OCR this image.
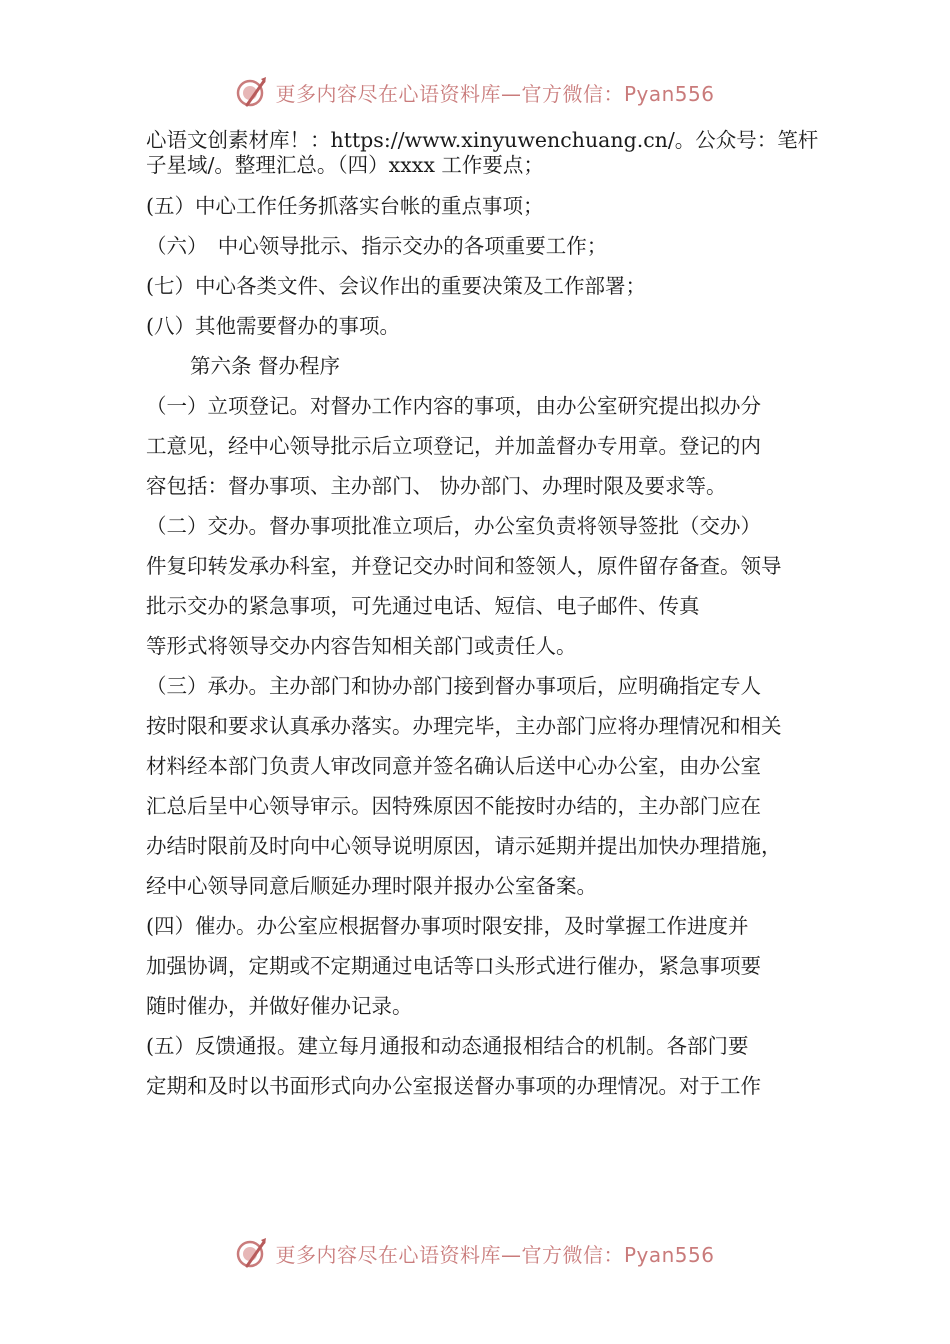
更多内容尽在心语资料库—官方微信：Pyan556
心语文创素材库！：https://www.xinyuwenchuang.cn/。公众号：笔杆
子星域/。整理汇总。（四）xxxx 工作要点；
(五）中心工作任务抓落实台帐的重点事项；
（六）　中心领导批示、指示交办的各项重要工作；
(七）中心各类文件、会议作出的重要决策及工作部署；
(八）其他需要督办的事项。
第六条 督办程序
（一）立项登记。对督办工作内容的事项，由办公室研究提出拟办分
工意见，经中心领导批示后立项登记，并加盖督办专用章。登记的内
容包括：督办事项、主办部门、 协办部门、办理时限及要求等。
（二）交办。督办事项批准立项后，办公室负责将领导签批（交办）
件复印转发承办科室，并登记交办时间和签领人，原件留存备查。领导
批示交办的紧急事项，可先通过电话、短信、电子邮件、传真
等形式将领导交办内容告知相关部门或责任人。
（三）承办。主办部门和协办部门接到督办事项后，应明确指定专人
按时限和要求认真承办落实。办理完毕，主办部门应将办理情况和相关
材料经本部门负责人审改同意并签名确认后送中心办公室，由办公室
汇总后呈中心领导审示。因特殊原因不能按时办结的，主办部门应在
办结时限前及时向中心领导说明原因，请示延期并提出加快办理措施，
经中心领导同意后顺延办理时限并报办公室备案。
(四）催办。办公室应根据督办事项时限安排，及时掌握工作进度并
加强协调，定期或不定期通过电话等口头形式进行催办，紧急事项要
随时催办，并做好催办记录。
(五）反馈通报。建立每月通报和动态通报相结合的机制。各部门要
定期和及时以书面形式向办公室报送督办事项的办理情况。对于工作
更多内容尽在心语资料库—官方微信：Pyan556
